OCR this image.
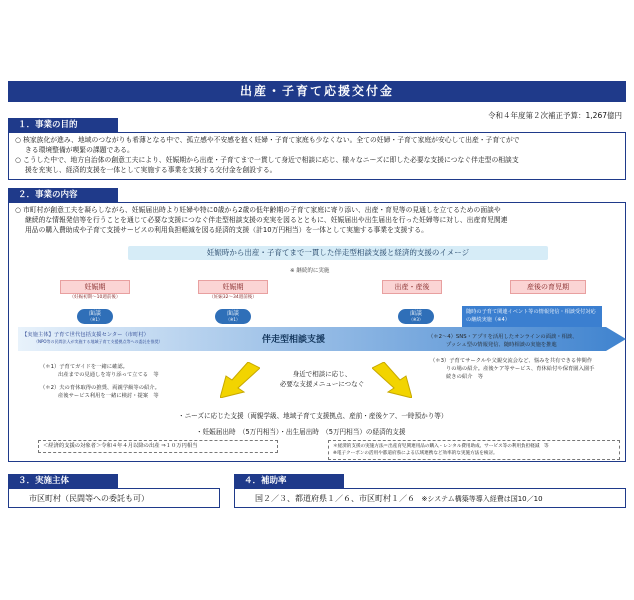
出産・子育て応援交付金
令和４年度第２次補正予算：1,267億円
１．事業の目的

○ 核家族化が進み、地域のつながりも希薄となる中で、孤立感や不安感を抱く妊婦・子育て家庭も少なくない。全ての妊婦・子育て家庭が安心して出産・子育てがで

きる環境整備が喫緊の課題である。

○ こうした中で、地方自治体の創意工夫により、妊娠期から出産・子育てまで一貫して身近で相談に応じ、様々なニーズに即した必要な支援につなぐ伴走型の相談支

援を充実し、経済的支援を一体として実施する事業を支援する交付金を創設する。

２．事業の内容

○ 市町村が創意工夫を凝らしながら、妊娠届出時より妊婦や特に0歳から2歳の低年齢期の子育て家庭に寄り添い、出産・育児等の見通しを立てるための面談や

継続的な情報発信等を行うことを通じて必要な支援につなぐ伴走型相談支援の充実を図るとともに、妊娠届出や出生届出を行った妊婦等に対し、出産育児関連

用品の購入費助成や子育て支援サービスの利用負担軽減を図る経済的支援（計10万円相当）を一体として実施する事業を支援する。

妊娠時から出産・子育てまで一貫した伴走型相談支援と経済的支援のイメージ
※ 継続的に実施
妊娠期
（妊娠初期～10週前後）
妊娠期
（妊娠32～34週前後）
出産・産後	産後の育児期
面談
（※1）
面談
（※1）
面談
（※3）
随時の子育て関連イベント等の情報発信・相談受付対応の継続実施（※4）
【実施主体】子育て世代包括支援センター（市町村）
（NPO等の民間法人が実施する地域子育て支援拠点等への委託を推奨）	伴走型相談支援
（＊1）子育てガイドを一緒に確認。
出産までの見通しを寄り添って立てる　等
（＊2）夫の育休取得の推奨、両親学級等の紹介。
産後サービス利用を一緒に検討・提案　等
身近で相談に応じ、
必要な支援メニューにつなぐ
（＊2～4）SNS・アプリを活用したオンラインの面談・相談、
プッシュ型の情報発信、随時相談の実施を推進
（＊3）子育てサークルや父親交流会など、悩みを共有できる仲間作
りの場の紹介。産後ケア等サービス、育休給付や保育園入園手
続きの紹介　等
・ニーズに応じた支援（両親学級、地域子育て支援拠点、産前・産後ケア、一時預かり等）
・妊娠届出時　（5万円相当）・出生届出時　（5万円相当）の経済的支援
＜経済的支援の対象者＞令和４年４月以降の出産 ⇒１０万円相当	＊経済的支援の実施方法＝出産育児関連用品の購入・レンタル費用助成、サービス等の利用負担軽減　等
※電子クーポンの活用や都道府県による広域連携など効率的な実施方法を検討。
３．実施主体
市区町村（民間等への委託も可）
４．補助率
国２／３、都道府県１／６、市区町村１／６ ※システム構築等導入経費は国10／10
